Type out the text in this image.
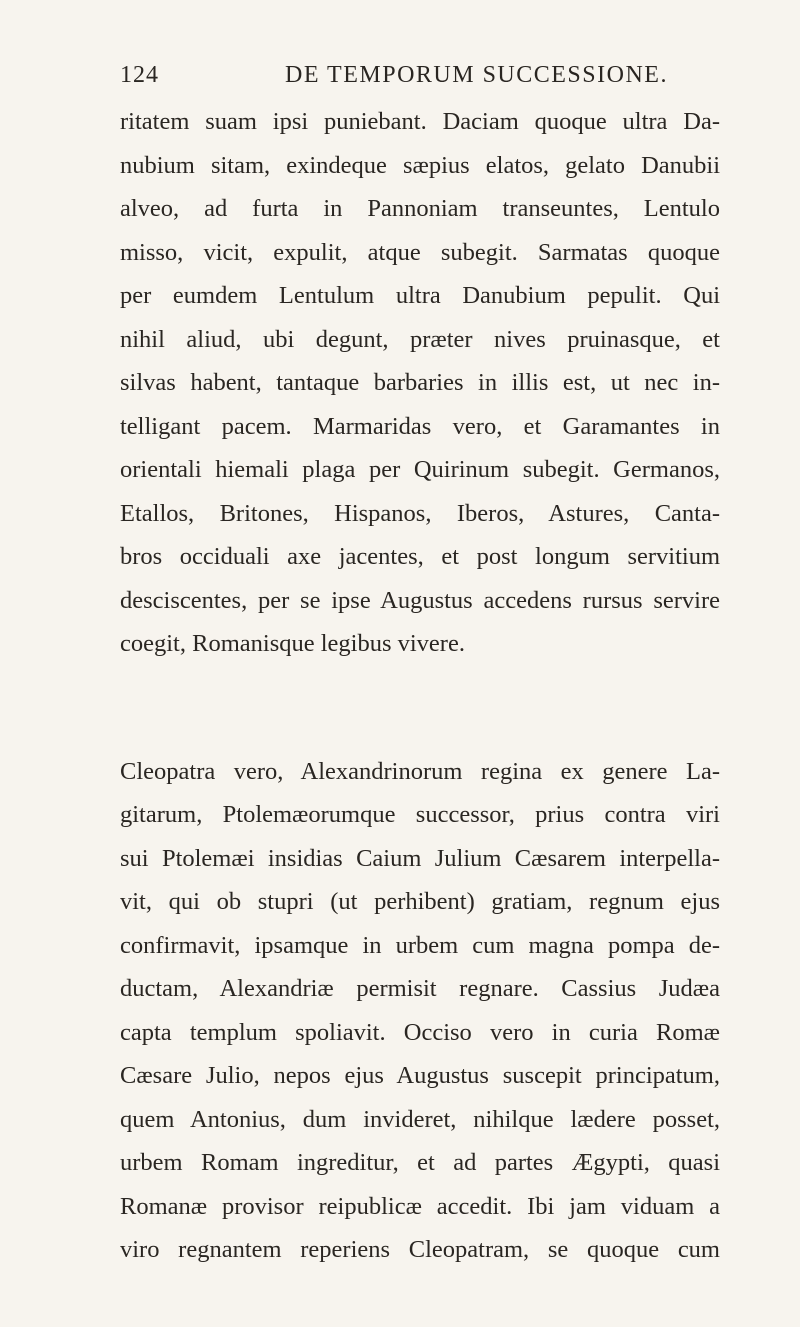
124	DE TEMPORUM SUCCESSIONE.
ritatem suam ipsi puniebant. Daciam quoque ultra Da-
nubium sitam, exindeque sæpius elatos, gelato Danubii
alveo, ad furta in Pannoniam transeuntes, Lentulo
misso, vicit, expulit, atque subegit. Sarmatas quoque
per eumdem Lentulum ultra Danubium pepulit. Qui
nihil aliud, ubi degunt, præter nives pruinasque, et
silvas habent, tantaque barbaries in illis est, ut nec in-
telligant pacem. Marmaridas vero, et Garamantes in
orientali hiemali plaga per Quirinum subegit. Germanos,
Etallos, Britones, Hispanos, Iberos, Astures, Canta-
bros occiduali axe jacentes, et post longum servitium
desciscentes, per se ipse Augustus accedens rursus servire
coegit, Romanisque legibus vivere.
Cleopatra vero, Alexandrinorum regina ex genere La-
gitarum, Ptolemæorumque successor, prius contra viri
sui Ptolemæi insidias Caium Julium Cæsarem interpella-
vit, qui ob stupri (ut perhibent) gratiam, regnum ejus
confirmavit, ipsamque in urbem cum magna pompa de-
ductam, Alexandriæ permisit regnare. Cassius Judæa
capta templum spoliavit. Occiso vero in curia Romæ
Cæsare Julio, nepos ejus Augustus suscepit principatum,
quem Antonius, dum invideret, nihilque lædere posset,
urbem Romam ingreditur, et ad partes Ægypti, quasi
Romanæ provisor reipublicæ accedit. Ibi jam viduam a
viro regnantem reperiens Cleopatram, se quoque cum
